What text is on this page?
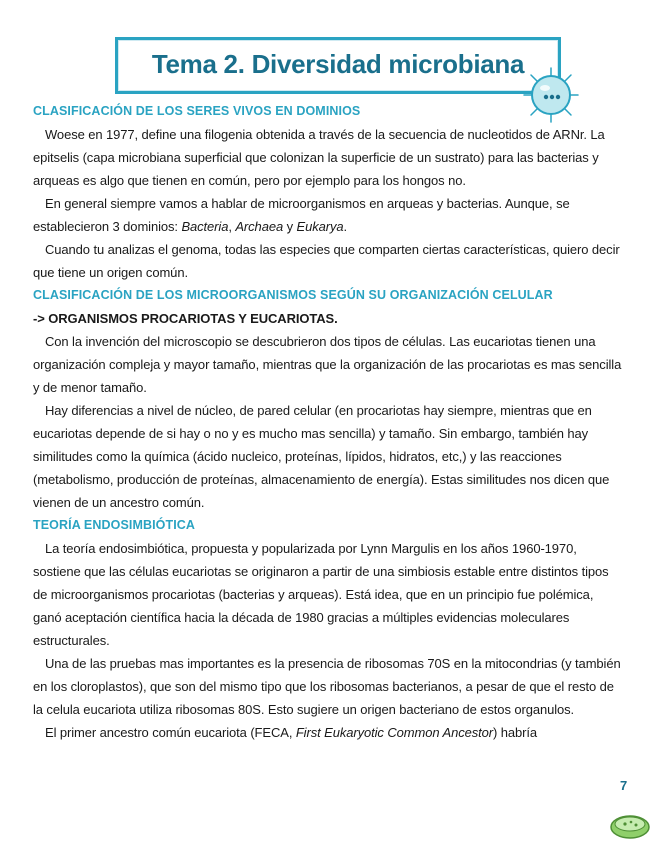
Tema 2. Diversidad microbiana
CLASIFICACIÓN DE LOS SERES VIVOS EN DOMINIOS

Woese en 1977, define una filogenia obtenida a través de la secuencia de nucleotidos de ARNr. La epitselis (capa microbiana superficial que colonizan la superficie de un sustrato) para las bacterias y arqueas es algo que tienen en común, pero por ejemplo para los hongos no.

En general siempre vamos a hablar de microorganismos en arqueas y bacterias. Aunque, se establecieron 3 dominios: Bacteria, Archaea y Eukarya.

Cuando tu analizas el genoma, todas las especies que comparten ciertas características, quiero decir que tiene un origen común.

CLASIFICACIÓN DE LOS MICROORGANISMOS SEGÚN SU ORGANIZACIÓN CELULAR
-> ORGANISMOS PROCARIOTAS Y EUCARIOTAS.

Con la invención del microscopio se descubrieron dos tipos de células. Las eucariotas tienen una organización compleja y mayor tamaño, mientras que la organización de las procariotas es mas sencilla y de menor tamaño.

Hay diferencias a nivel de núcleo, de pared celular (en procariotas hay siempre, mientras que en eucariotas depende de si hay o no y es mucho mas sencilla) y tamaño. Sin embargo, también hay similitudes como la química (ácido nucleico, proteínas, lípidos, hidratos, etc,) y las reacciones (metabolismo, producción de proteínas, almacenamiento de energía). Estas similitudes nos dicen que vienen de un ancestro común.

TEORÍA ENDOSIMBIÓTICA

La teoría endosimbiótica, propuesta y popularizada por Lynn Margulis en los años 1960-1970, sostiene que las células eucariotas se originaron a partir de una simbiosis estable entre distintos tipos de microorganismos procariotas (bacterias y arqueas). Está idea, que en un principio fue polémica, ganó aceptación científica hacia la década de 1980 gracias a múltiples evidencias moleculares estructurales.

Una de las pruebas mas importantes es la presencia de ribosomas 70S en la mitocondrias (y también en los cloroplastos), que son del mismo tipo que los ribosomas bacterianos, a pesar de que el resto de la celula eucariota utiliza ribosomas 80S. Esto sugiere un origen bacteriano de estos organulos.

El primer ancestro común eucariota (FECA, First Eukaryotic Common Ancestor) habría

7
